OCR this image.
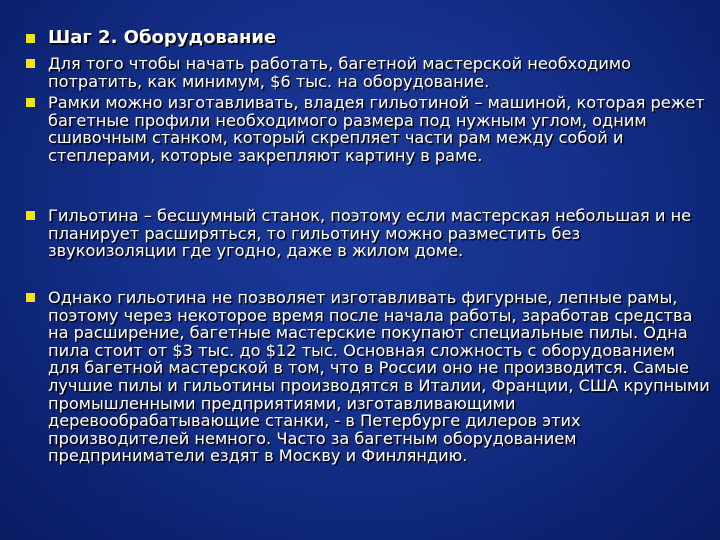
Шаг 2. Оборудование
Для того чтобы начать работать, багетной мастерской необходимо потратить, как минимум, $6 тыс. на оборудование.
Рамки можно изготавливать, владея гильотиной – машиной, которая режет багетные профили необходимого размера под нужным углом, одним сшивочным станком, который скрепляет части рам между собой и степлерами, которые закрепляют картину в раме.
Гильотина – бесшумный станок, поэтому если мастерская небольшая и не планирует расширяться, то гильотину можно разместить без звукоизоляции где угодно, даже в жилом доме.
Однако гильотина не позволяет изготавливать фигурные, лепные рамы, поэтому через некоторое время после начала работы, заработав средства на расширение, багетные мастерские покупают специальные пилы. Одна пила стоит от $3 тыс. до $12 тыс. Основная сложность с оборудованием для багетной мастерской в том, что в России оно не производится. Самые лучшие пилы и гильотины производятся в Италии, Франции, США крупными промышленными предприятиями, изготавливающими деревообрабатывающие станки, - в Петербурге дилеров этих производителей немного. Часто за багетным оборудованием предприниматели ездят в Москву и Финляндию.
